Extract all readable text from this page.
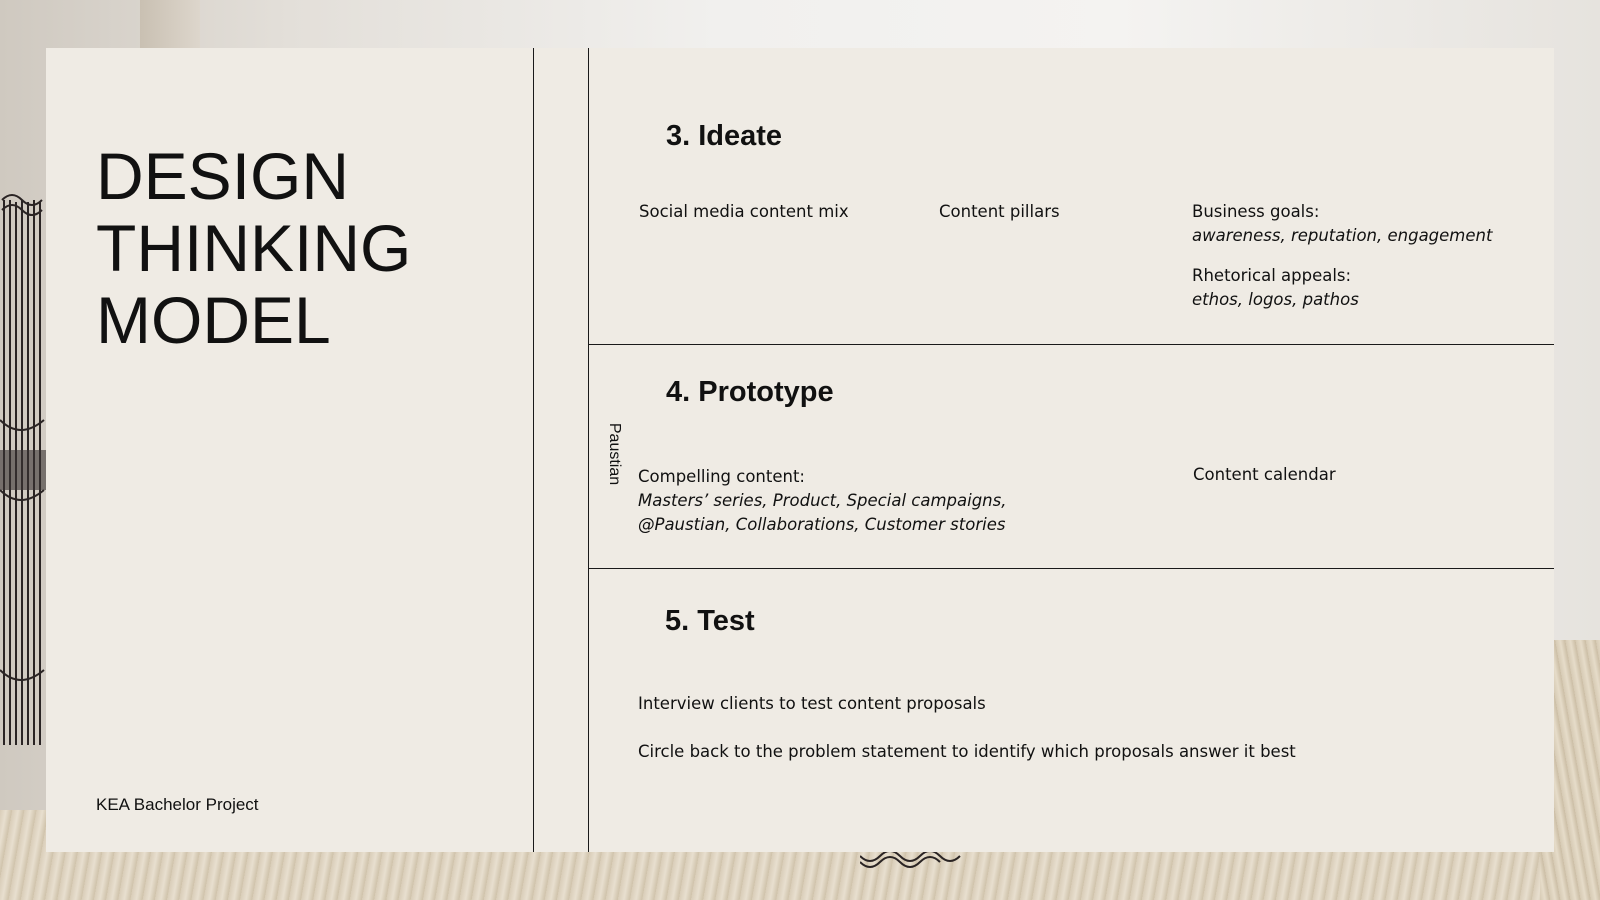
DESIGN
THINKING
MODEL
KEA Bachelor Project
Paustian
3. Ideate
Social media content mix	Content pillars	Business goals:
awareness, reputation, engagement
Rhetorical appeals:
ethos, logos, pathos
4. Prototype
Compelling content:
Masters’ series, Product, Special campaigns,
@Paustian, Collaborations, Customer stories
Content calendar
5. Test
Interview clients to test content proposals
Circle back to the problem statement to identify which proposals answer it best
